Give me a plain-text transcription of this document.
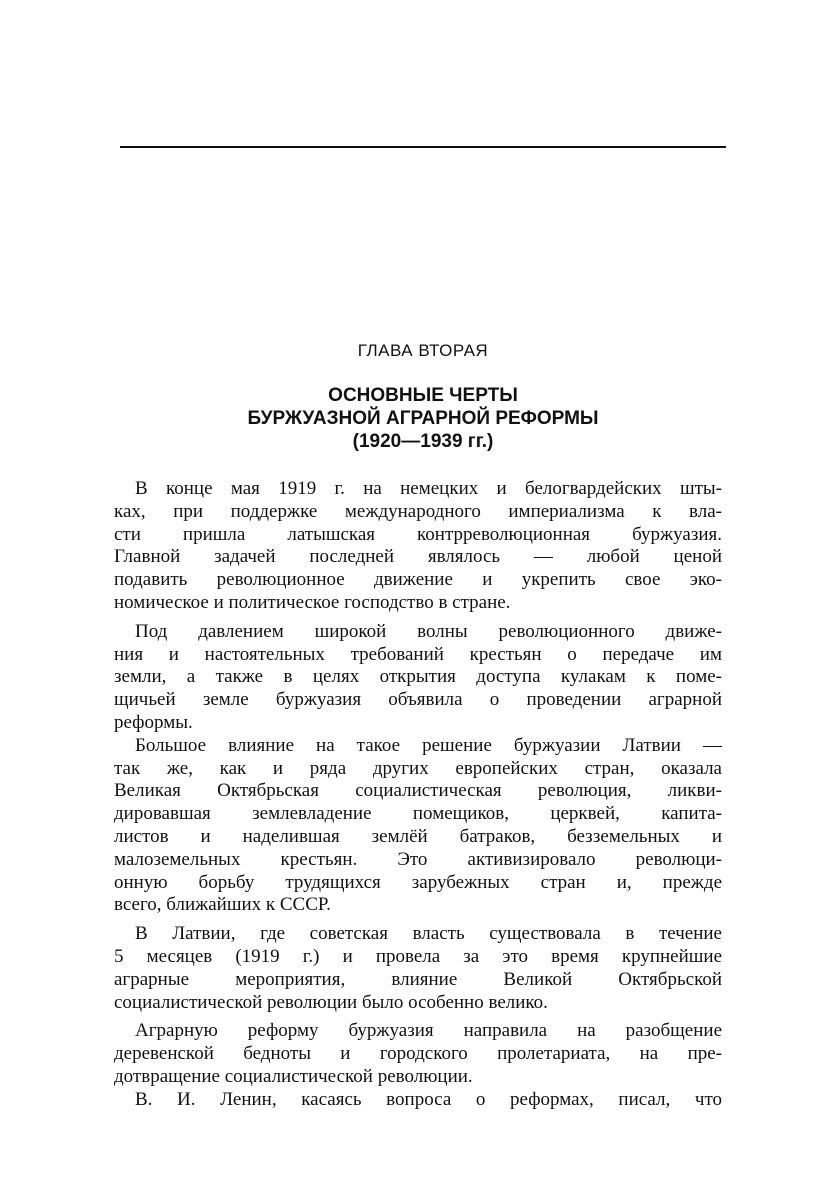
ГЛАВА ВТОРАЯ
ОСНОВНЫЕ ЧЕРТЫ
БУРЖУАЗНОЙ АГРАРНОЙ РЕФОРМЫ
(1920—1939 гг.)
В конце мая 1919 г. на немецких и белогвардейских шты-
ках, при поддержке международного империализма к вла-
сти пришла латышская контрреволюционная буржуазия.
Главной задачей последней являлось — любой ценой
подавить революционное движение и укрепить свое эко-
номическое и политическое господство в стране.
Под давлением широкой волны революционного движе-
ния и настоятельных требований крестьян о передаче им
земли, а также в целях открытия доступа кулакам к поме-
щичьей земле буржуазия объявила о проведении аграрной
реформы.
Большое влияние на такое решение буржуазии Латвии —
так же, как и ряда других европейских стран, оказала
Великая Октябрьская социалистическая революция, ликви-
дировавшая землевладение помещиков, церквей, капита-
листов и наделившая землёй батраков, безземельных и
малоземельных крестьян. Это активизировало революци-
онную борьбу трудящихся зарубежных стран и, прежде
всего, ближайших к СССР.
В Латвии, где советская власть существовала в течение
5 месяцев (1919 г.) и провела за это время крупнейшие
аграрные мероприятия, влияние Великой Октябрьской
социалистической революции было особенно велико.
Аграрную реформу буржуазия направила на разобщение
деревенской бедноты и городского пролетариата, на пре-
дотвращение социалистической революции.
В. И. Ленин, касаясь вопроса о реформах, писал, что
